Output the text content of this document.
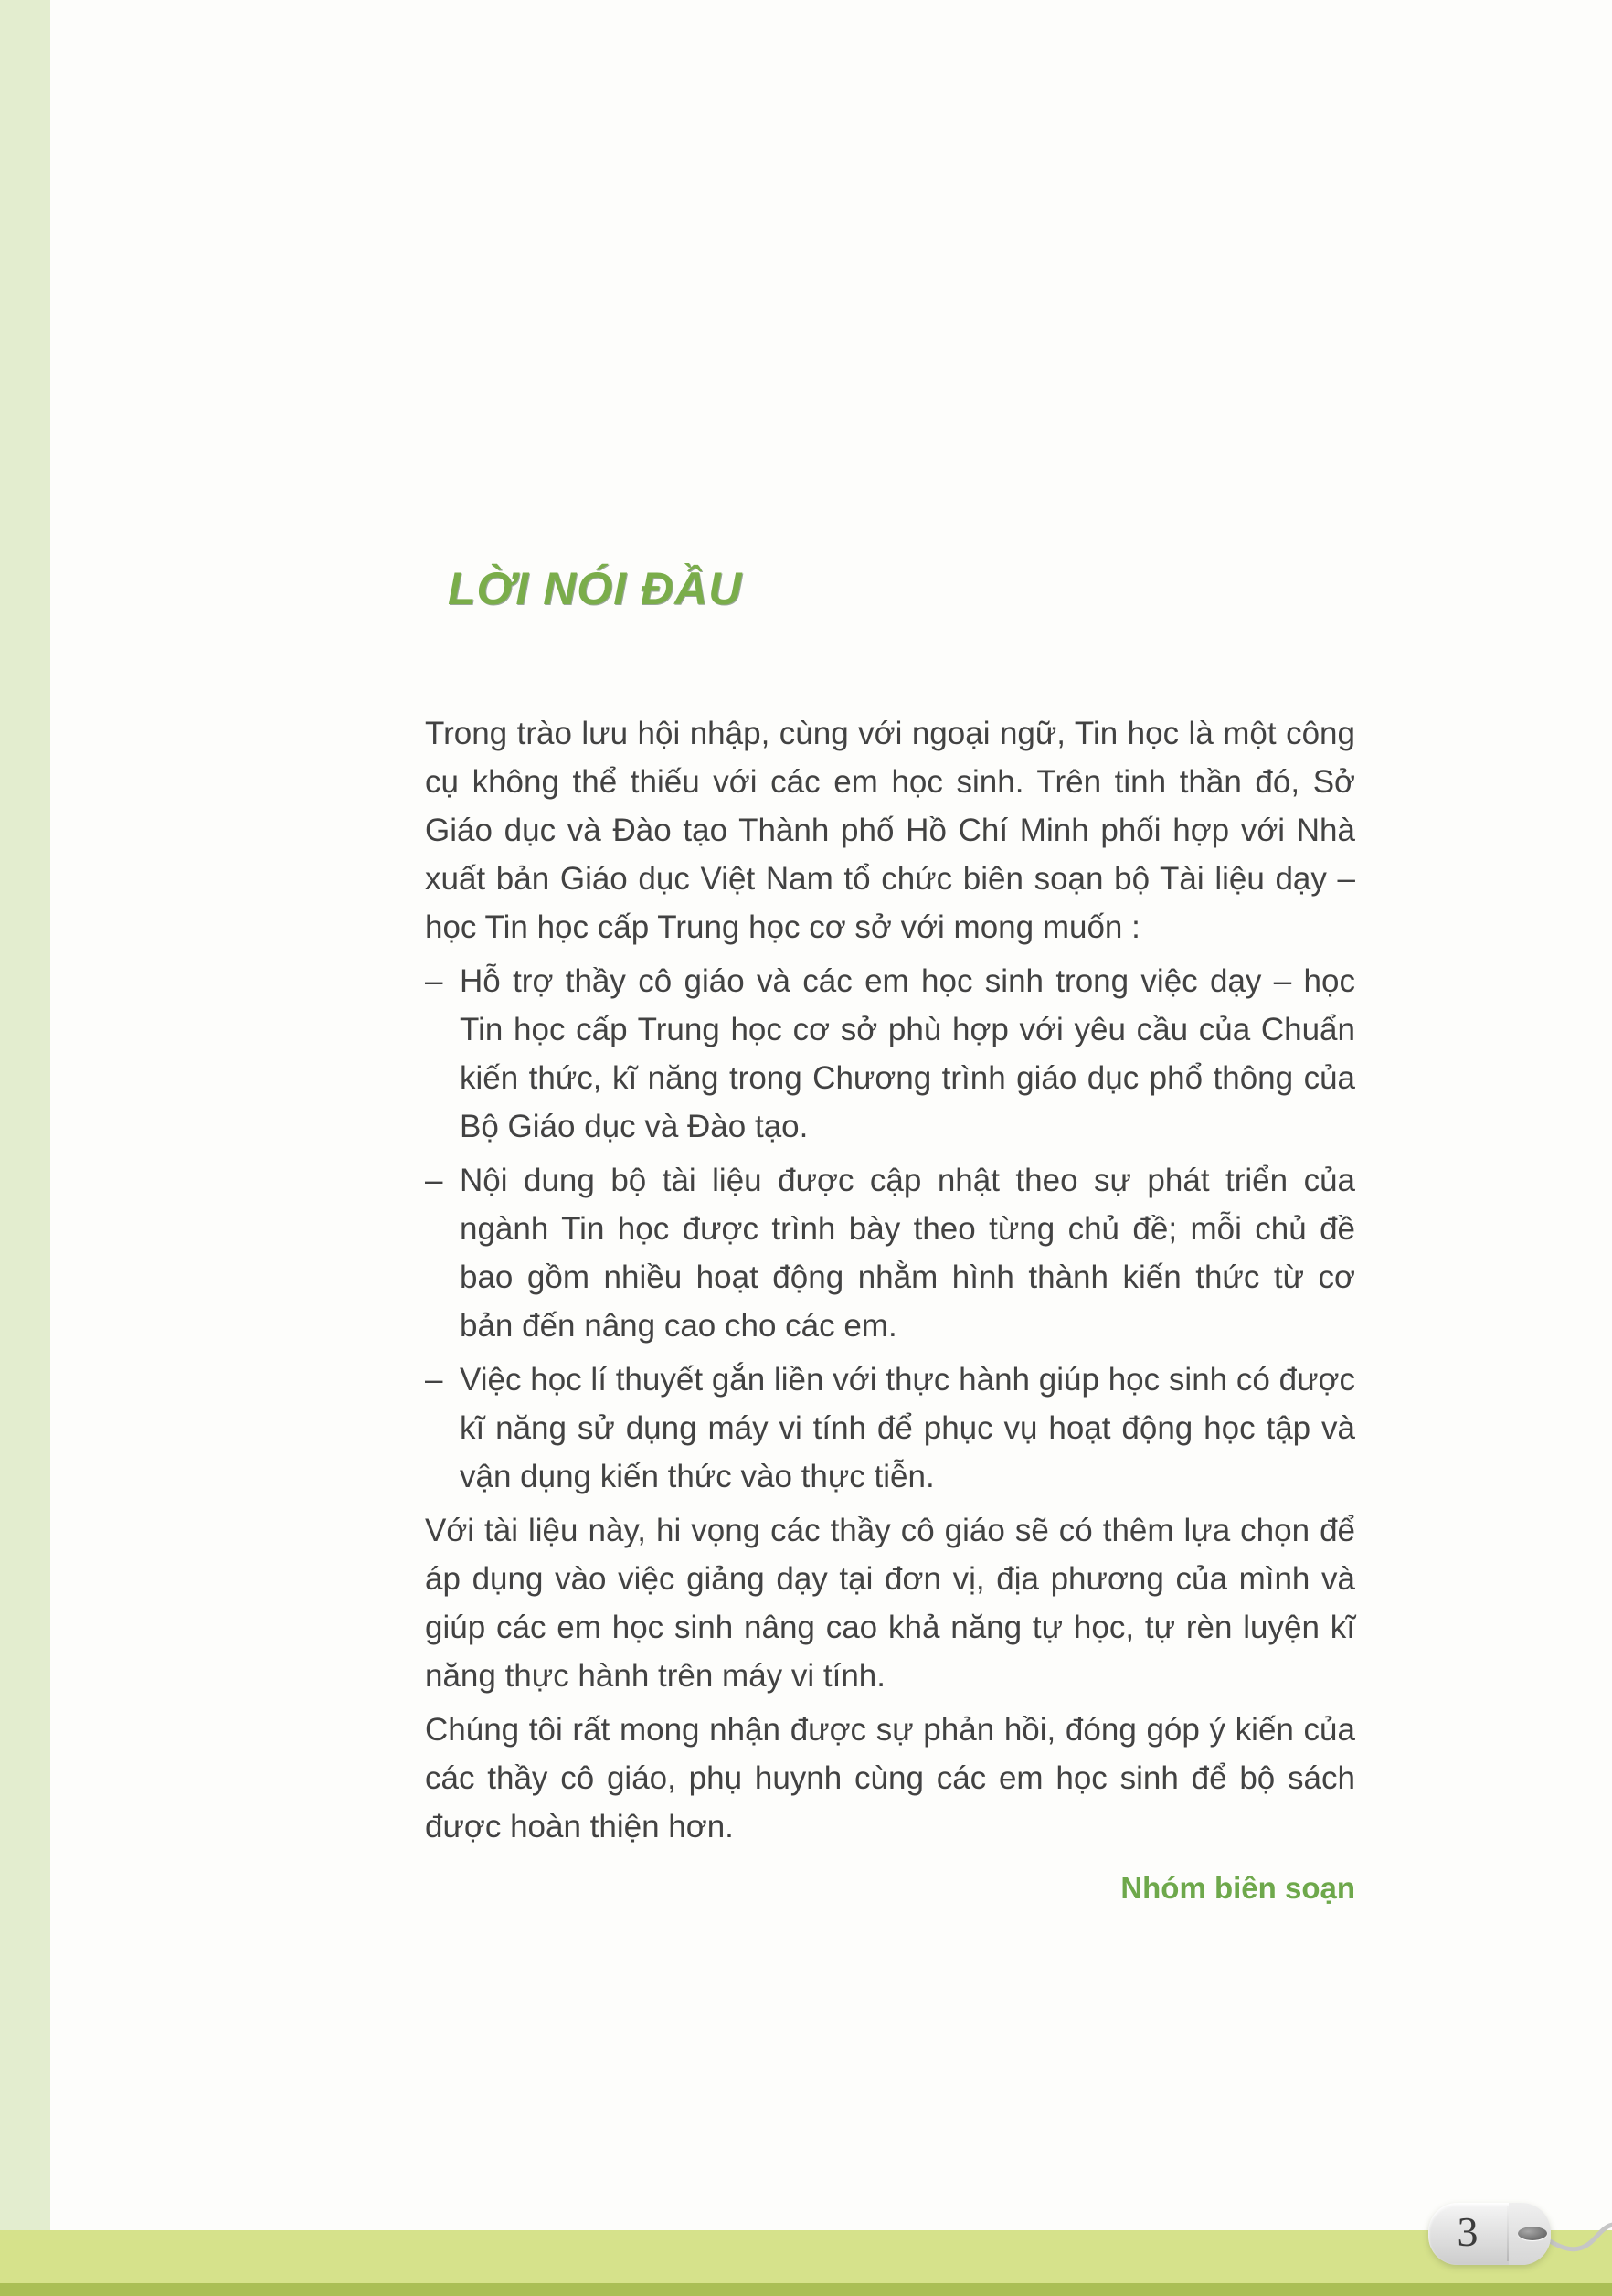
LỜI NÓI ĐẦU

Trong trào lưu hội nhập, cùng với ngoại ngữ, Tin học là một công cụ không thể thiếu với các em học sinh. Trên tinh thần đó, Sở Giáo dục và Đào tạo Thành phố Hồ Chí Minh phối hợp với Nhà xuất bản Giáo dục Việt Nam tổ chức biên soạn bộ Tài liệu dạy – học Tin học cấp Trung học cơ sở với mong muốn :

– Hỗ trợ thầy cô giáo và các em học sinh trong việc dạy – học Tin học cấp Trung học cơ sở phù hợp với yêu cầu của Chuẩn kiến thức, kĩ năng trong Chương trình giáo dục phổ thông của Bộ Giáo dục và Đào tạo.
– Nội dung bộ tài liệu được cập nhật theo sự phát triển của ngành Tin học được trình bày theo từng chủ đề; mỗi chủ đề bao gồm nhiều hoạt động nhằm hình thành kiến thức từ cơ bản đến nâng cao cho các em.
– Việc học lí thuyết gắn liền với thực hành giúp học sinh có được kĩ năng sử dụng máy vi tính để phục vụ hoạt động học tập và vận dụng kiến thức vào thực tiễn.

Với tài liệu này, hi vọng các thầy cô giáo sẽ có thêm lựa chọn để áp dụng vào việc giảng dạy tại đơn vị, địa phương của mình và giúp các em học sinh nâng cao khả năng tự học, tự rèn luyện kĩ năng thực hành trên máy vi tính.

Chúng tôi rất mong nhận được sự phản hồi, đóng góp ý kiến của các thầy cô giáo, phụ huynh cùng các em học sinh để bộ sách được hoàn thiện hơn.

Nhóm biên soạn

3
